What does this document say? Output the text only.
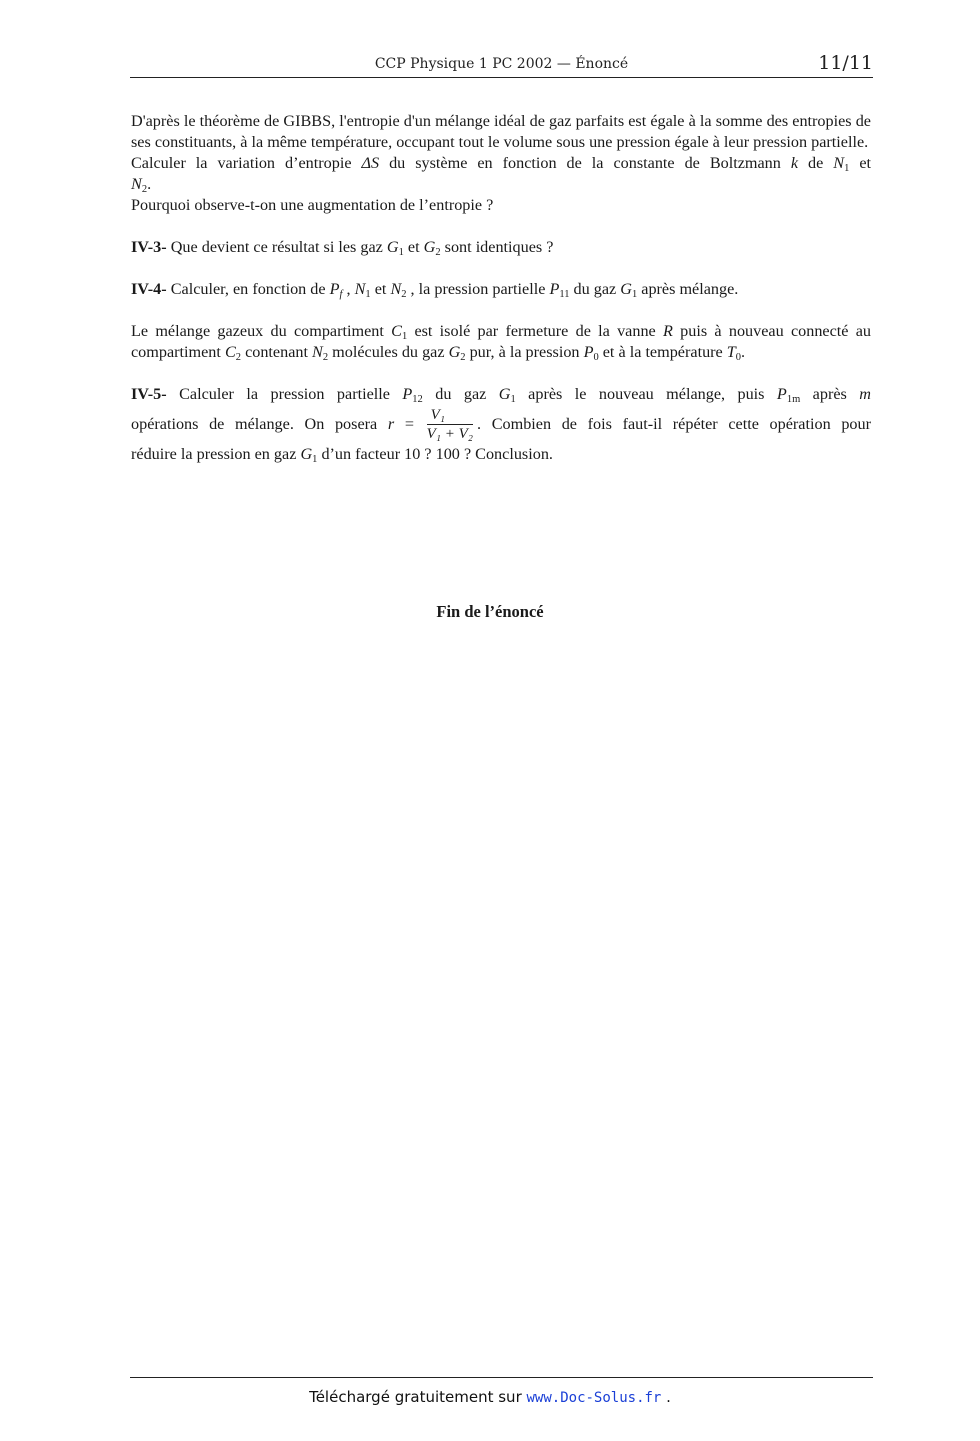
CCP Physique 1 PC 2002 — Énoncé	11/11

D'après le théorème de GIBBS, l'entropie d'un mélange idéal de gaz parfaits est égale à la somme des entropies de ses constituants, à la même température, occupant tout le volume sous une pression égale à leur pression partielle.

Calculer la variation d’entropie ΔS du système en fonction de la constante de Boltzmann k de $N_1$ et

$N_2$.

Pourquoi observe-t-on une augmentation de l’entropie ?

IV-3- Que devient ce résultat si les gaz $G_1$ et $G_2$ sont identiques ?

IV-4- Calculer, en fonction de $P_f$ , $N_1$ et $N_2$ , la pression partielle $P_{11}$ du gaz $G_1$ après mélange.

Le mélange gazeux du compartiment $C_1$ est isolé par fermeture de la vanne R puis à nouveau connecté au compartiment $C_2$ contenant $N_2$ molécules du gaz $G_2$ pur, à la pression $P_0$ et à la température $T_0$.

IV-5- Calculer la pression partielle $P_{12}$ du gaz $G_1$ après le nouveau mélange, puis $P_{1m}$ après m
opérations de mélange. On posera $r = \frac{\text{V₁}}{\text{V₁ + V₂}}$ . Combien de fois faut-il répéter cette opération pour
réduire la pression en gaz $G_1$ d’un facteur 10 ? 100 ? Conclusion.
Fin de l’énoncé
Téléchargé gratuitement sur www.Doc-Solus.fr .
